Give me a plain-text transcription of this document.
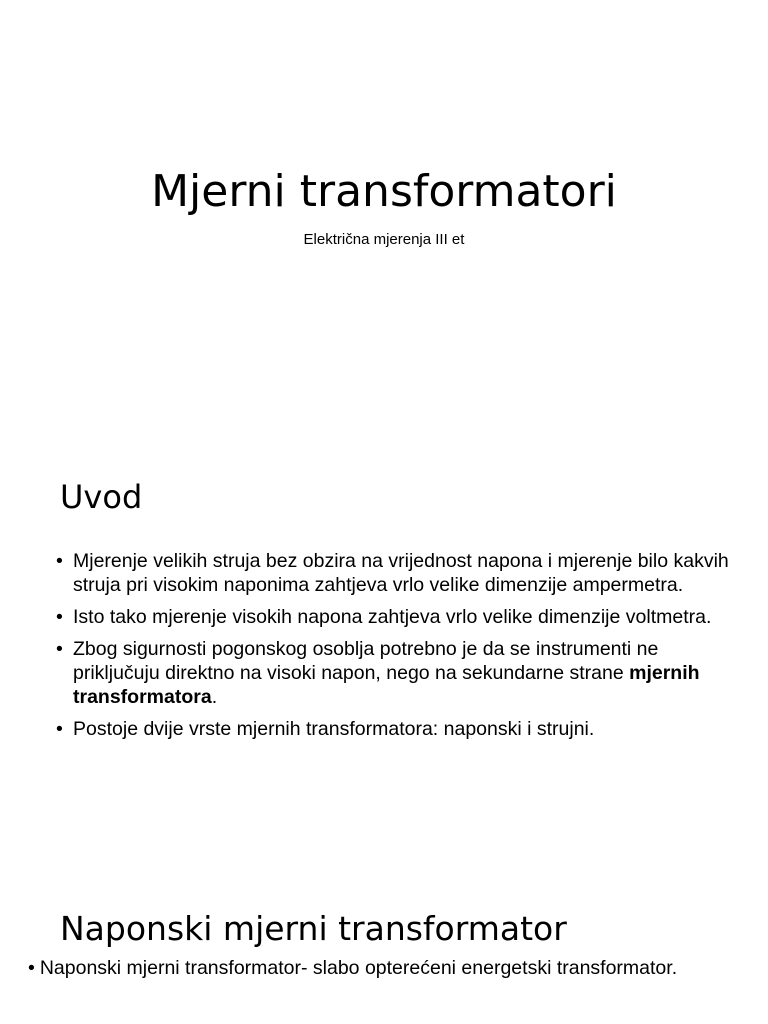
Mjerni transformatori

Električna mjerenja III et

Uvod
• Mjerenje velikih struja bez obzira na vrijednost napona i mjerenje bilo kakvih struja pri visokim naponima zahtjeva vrlo velike dimenzije ampermetra.
• Isto tako mjerenje visokih napona zahtjeva vrlo velike dimenzije voltmetra.
• Zbog sigurnosti pogonskog osoblja potrebno je da se instrumenti ne priključuju direktno na visoki napon, nego na sekundarne strane mjernih transformatora.
• Postoje dvije vrste mjernih transformatora: naponski i strujni.
Naponski mjerni transformator

• Naponski mjerni transformator- slabo opterećeni energetski transformator.
